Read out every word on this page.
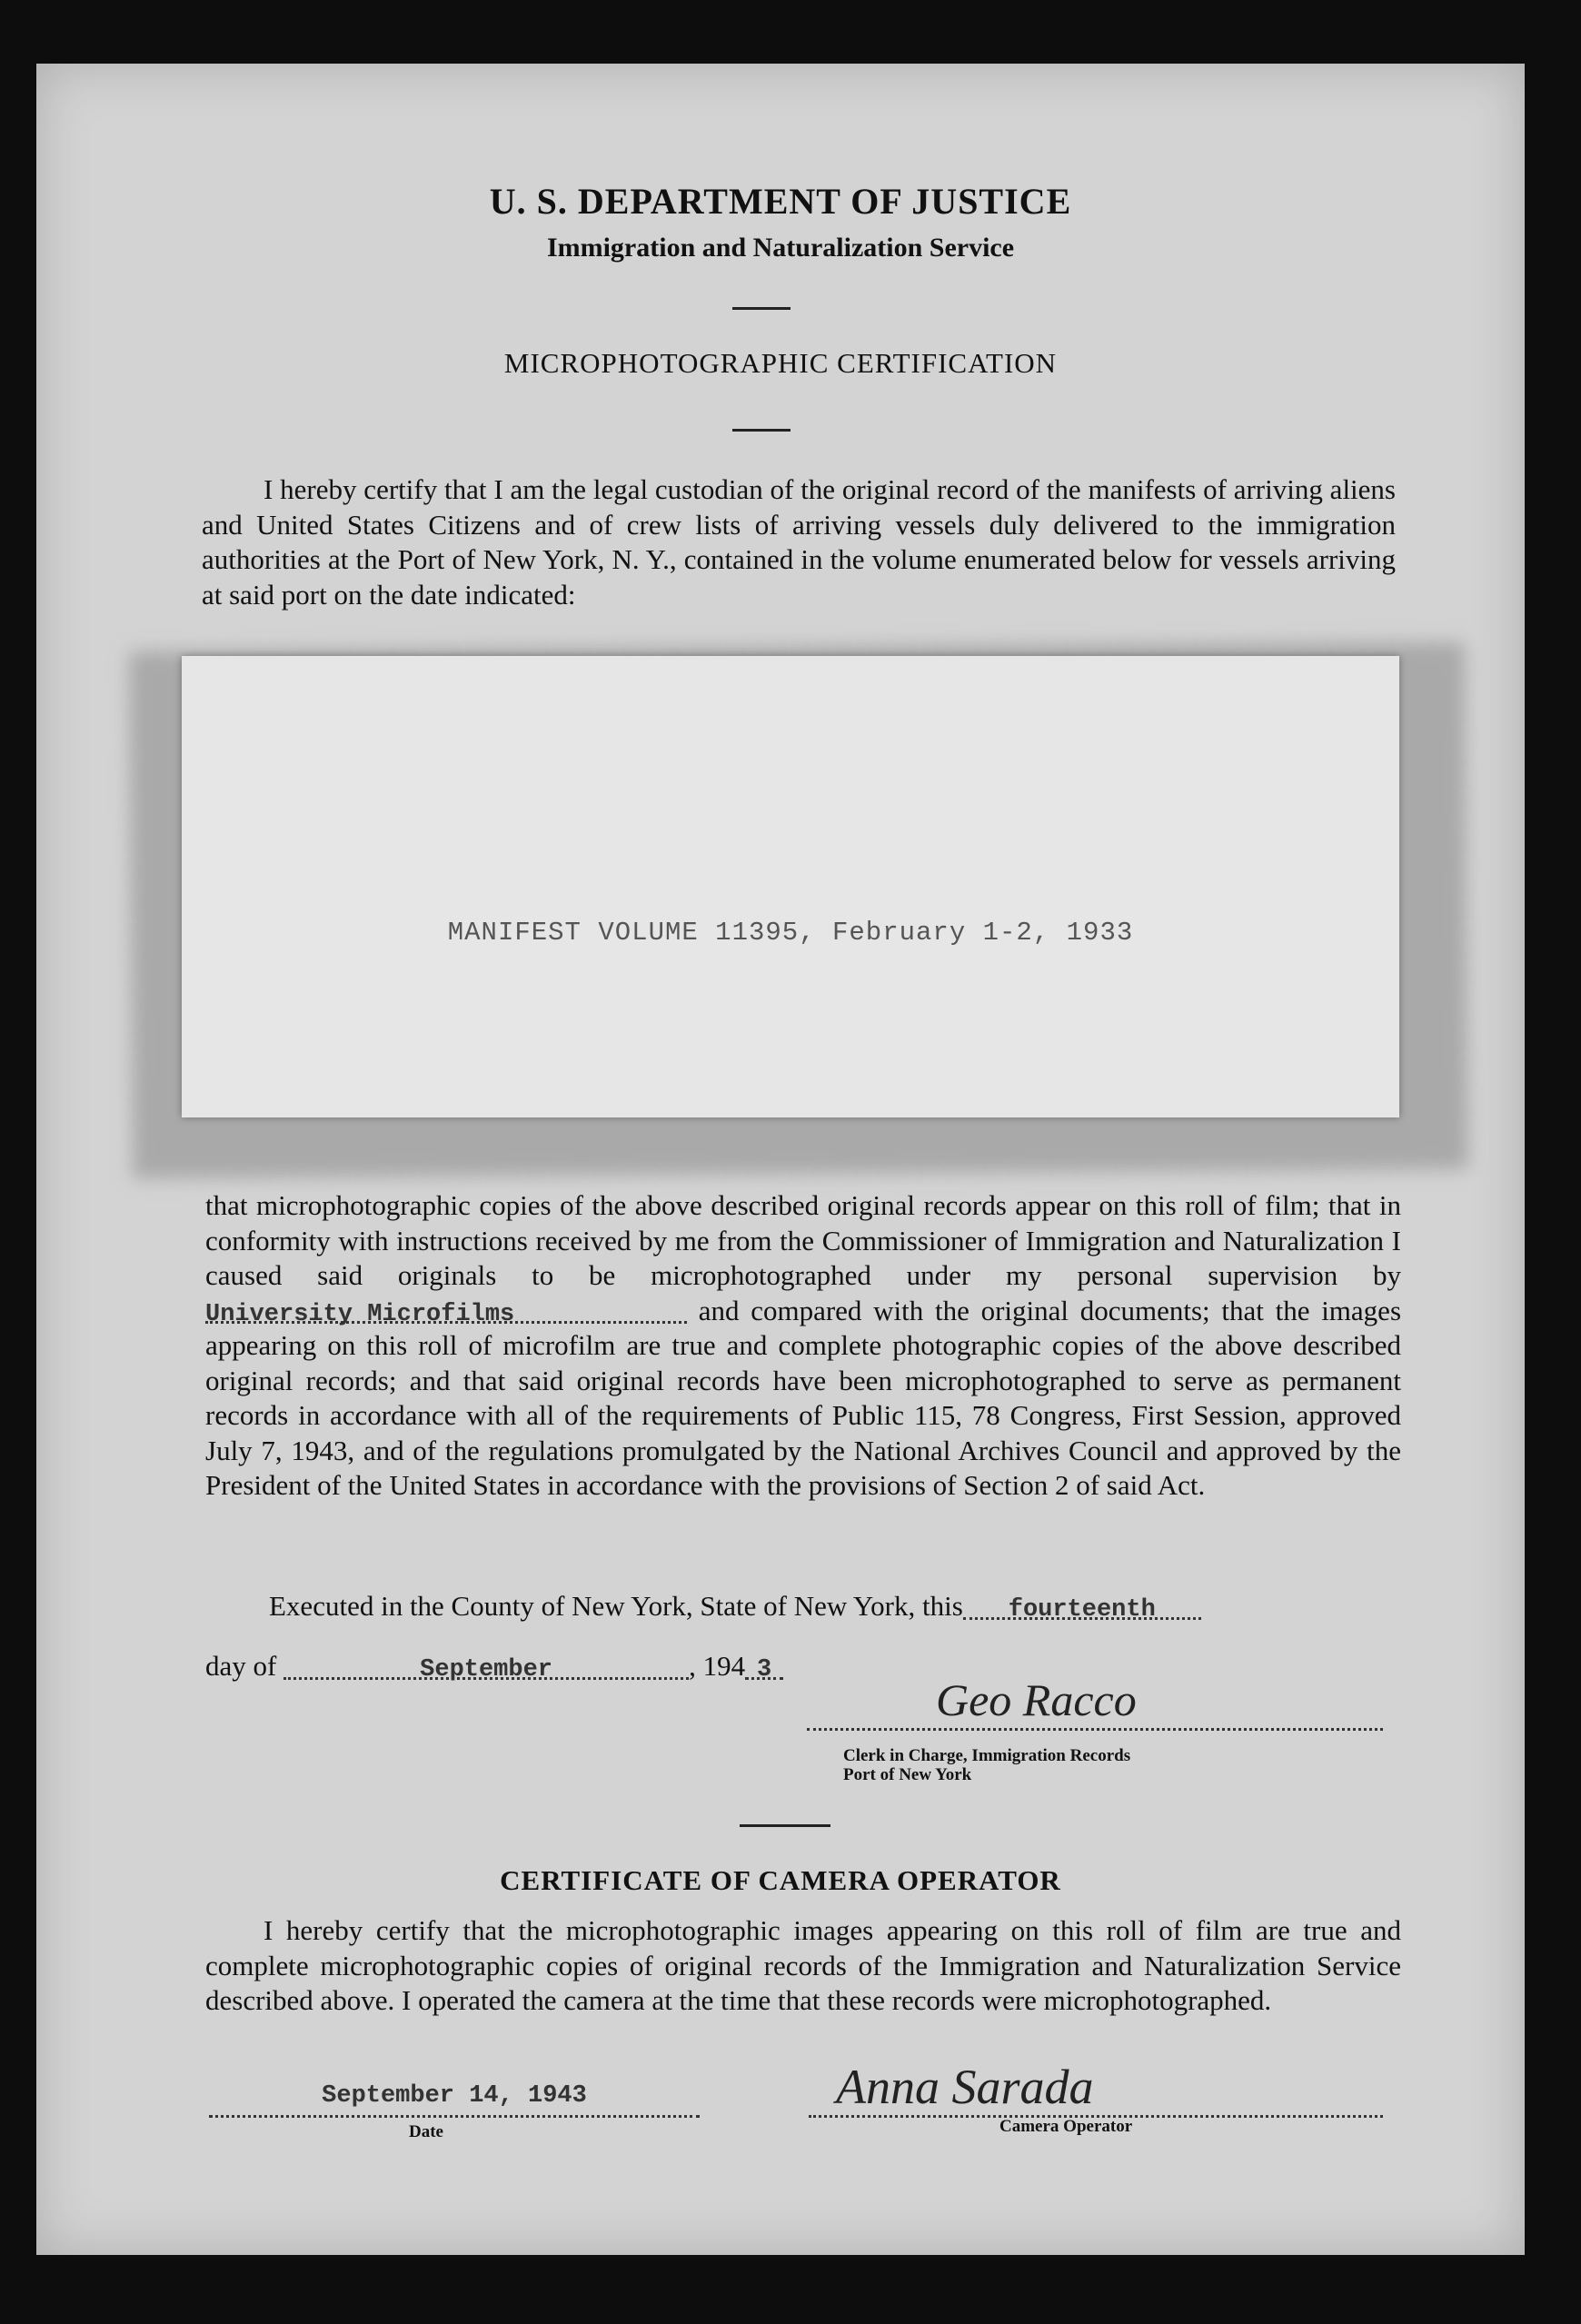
U. S. DEPARTMENT OF JUSTICE
Immigration and Naturalization Service
MICROPHOTOGRAPHIC CERTIFICATION
I hereby certify that I am the legal custodian of the original record of the manifests of arriving aliens and United States Citizens and of crew lists of arriving vessels duly delivered to the immigration authorities at the Port of New York, N. Y., contained in the volume enumerated below for vessels arriving at said port on the date indicated:
MANIFEST VOLUME 11395, February 1-2, 1933
that microphotographic copies of the above described original records appear on this roll of film; that in conformity with instructions received by me from the Commissioner of Immigration and Naturalization I caused said originals to be microphotographed under my personal supervision by University Microfilms	and compared with the original documents; that the images appearing on this roll of microfilm are true and complete photographic copies of the above described original records; and that said original records have been microphotographed to serve as permanent records in accordance with all of the requirements of Public 115, 78 Congress, First Session, approved July 7, 1943, and of the regulations promulgated by the National Archives Council and approved by the President of the United States in accordance with the provisions of Section 2 of said Act.
Executed in the County of New York, State of New York, this fourteenth
day of	September	, 194 3
Geo Racco
Clerk in Charge, Immigration Records
Port of New York
CERTIFICATE OF CAMERA OPERATOR
I hereby certify that the microphotographic images appearing on this roll of film are true and complete microphotographic copies of original records of the Immigration and Naturalization Service described above. I operated the camera at the time that these records were microphotographed.
September 14, 1943
Date
Anna Sarada
Camera Operator
